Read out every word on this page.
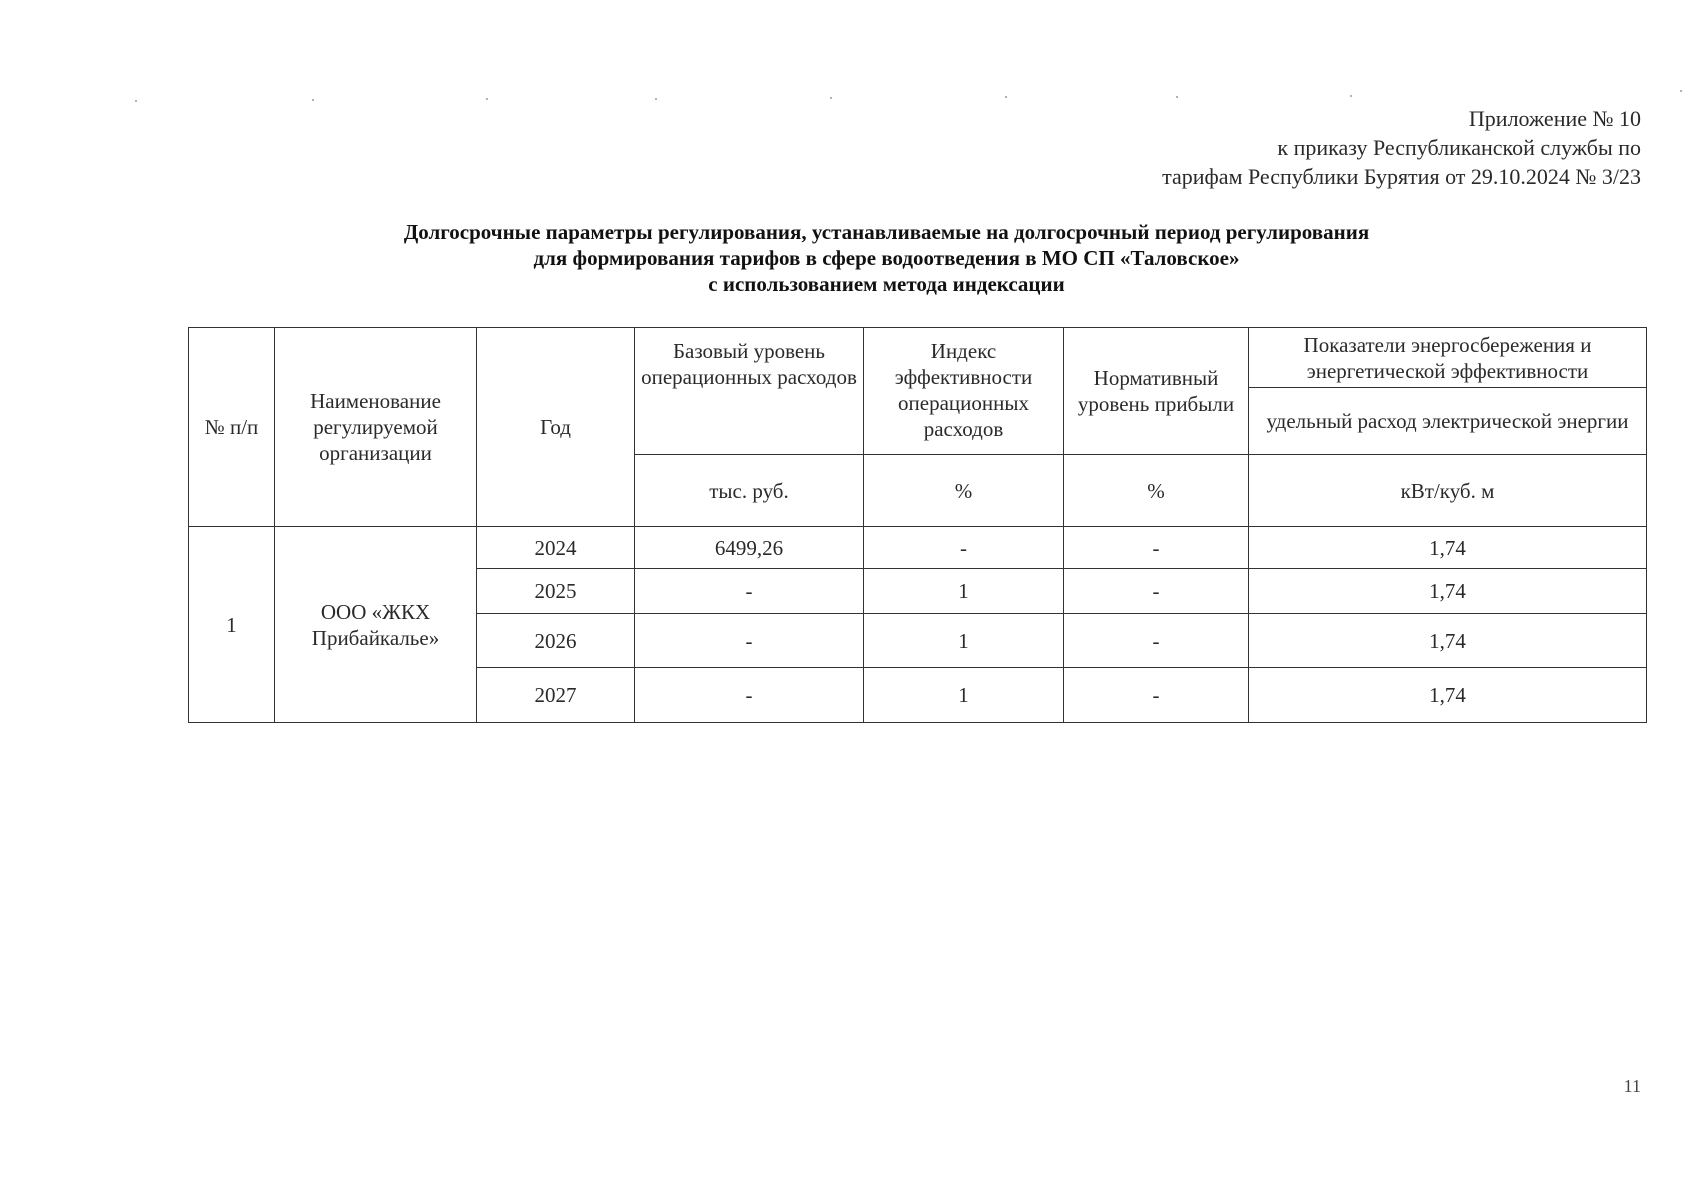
Приложение № 10
к приказу Республиканской службы по
тарифам Республики Бурятия от 29.10.2024 № 3/23
Долгосрочные параметры регулирования, устанавливаемые на долгосрочный период регулирования
для формирования тарифов в сфере водоотведения в МО СП «Таловское»
с использованием метода индексации
№ п/п	Наименование регулируемой организации	Год	Базовый уровень операционных расходов	Индекс эффективности операционных расходов	Нормативный уровень прибыли	Показатели энергосбережения и энергетической эффективности
						удельный расход электрической энергии
			тыс. руб.	%	%	кВт/куб. м
1	ООО «ЖКХ Прибайкалье»	2024	6499,26	-	-	1,74
		2025	-	1	-	1,74
		2026	-	1	-	1,74
		2027	-	1	-	1,74
11
